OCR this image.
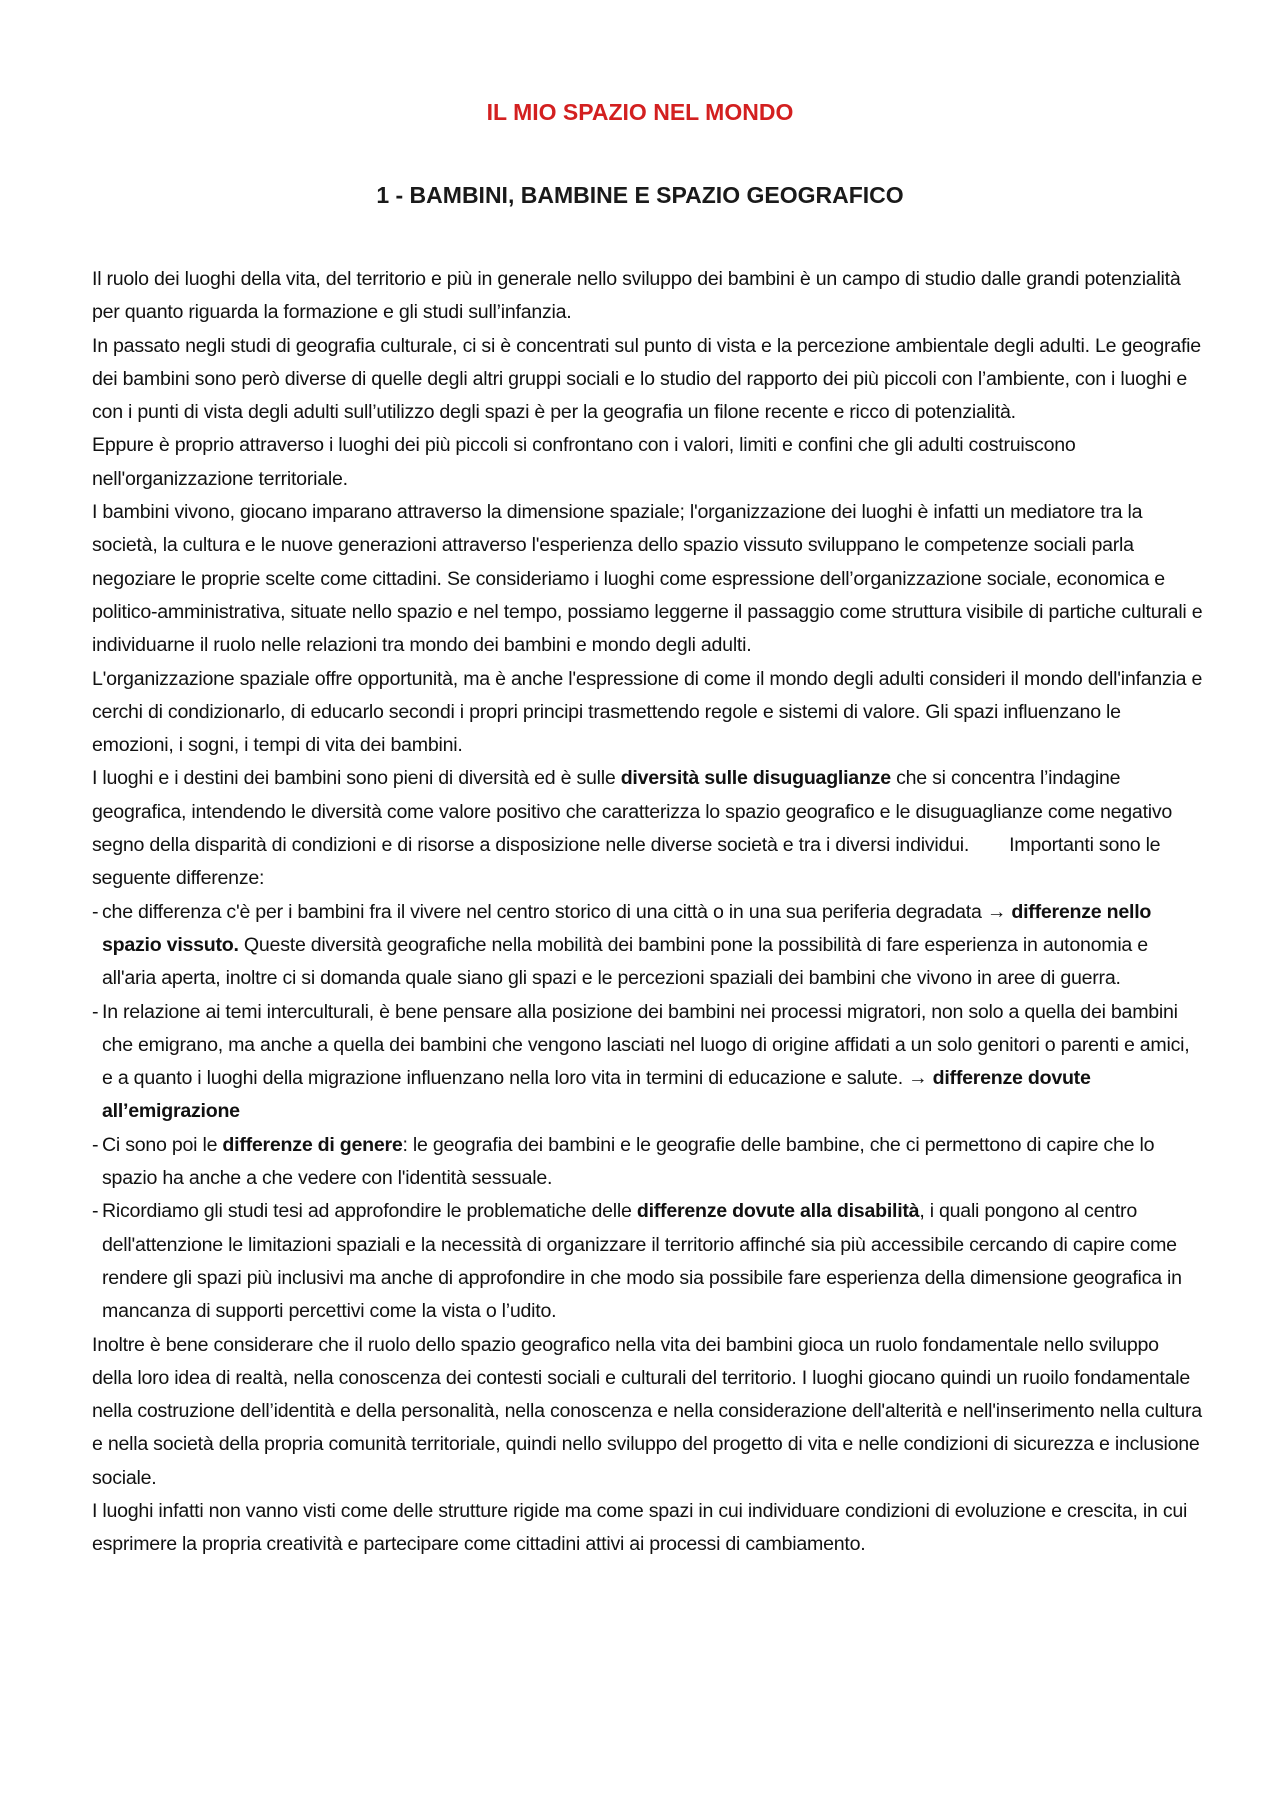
IL MIO SPAZIO NEL MONDO
1 - BAMBINI, BAMBINE E SPAZIO GEOGRAFICO

Il ruolo dei luoghi della vita, del territorio e più in generale nello sviluppo dei bambini è un campo di studio dalle grandi potenzialità per quanto riguarda la formazione e gli studi sull’infanzia.

In passato negli studi di geografia culturale, ci si è concentrati sul punto di vista e la percezione ambientale degli adulti. Le geografie dei bambini sono però diverse di quelle degli altri gruppi sociali e lo studio del rapporto dei più piccoli con l’ambiente, con i luoghi e con i punti di vista degli adulti sull’utilizzo degli spazi è per la geografia un filone recente e ricco di potenzialità.

Eppure è proprio attraverso i luoghi dei più piccoli si confrontano con i valori, limiti e confini che gli adulti costruiscono nell'organizzazione territoriale.

I bambini vivono, giocano imparano attraverso la dimensione spaziale; l'organizzazione dei luoghi è infatti un mediatore tra la società, la cultura e le nuove generazioni attraverso l'esperienza dello spazio vissuto sviluppano le competenze sociali parla negoziare le proprie scelte come cittadini. Se consideriamo i luoghi come espressione dell’organizzazione sociale, economica e politico-amministrativa, situate nello spazio e nel tempo, possiamo leggerne il passaggio come struttura visibile di partiche culturali e individuarne il ruolo nelle relazioni tra mondo dei bambini e mondo degli adulti.

L'organizzazione spaziale offre opportunità, ma è anche l'espressione di come il mondo degli adulti consideri il mondo dell'infanzia e cerchi di condizionarlo, di educarlo secondi i propri principi trasmettendo regole e sistemi di valore. Gli spazi influenzano le emozioni, i sogni, i tempi di vita dei bambini.

I luoghi e i destini dei bambini sono pieni di diversità ed è sulle diversità sulle disuguaglianze che si concentra l’indagine geografica, intendendo le diversità come valore positivo che caratterizza lo spazio geografico e le disuguaglianze come negativo segno della disparità di condizioni e di risorse a disposizione nelle diverse società e tra i diversi individui. Importanti sono le seguente differenze:

- che differenza c'è per i bambini fra il vivere nel centro storico di una città o in una sua periferia degradata → differenze nello spazio vissuto. Queste diversità geografiche nella mobilità dei bambini pone la possibilità di fare esperienza in autonomia e all'aria aperta, inoltre ci si domanda quale siano gli spazi e le percezioni spaziali dei bambini che vivono in aree di guerra.
- In relazione ai temi interculturali, è bene pensare alla posizione dei bambini nei processi migratori, non solo a quella dei bambini che emigrano, ma anche a quella dei bambini che vengono lasciati nel luogo di origine affidati a un solo genitori o parenti e amici, e a quanto i luoghi della migrazione influenzano nella loro vita in termini di educazione e salute. → differenze dovute all’emigrazione
- Ci sono poi le differenze di genere: le geografia dei bambini e le geografie delle bambine, che ci permettono di capire che lo spazio ha anche a che vedere con l'identità sessuale.
- Ricordiamo gli studi tesi ad approfondire le problematiche delle differenze dovute alla disabilità, i quali pongono al centro dell'attenzione le limitazioni spaziali e la necessità di organizzare il territorio affinché sia più accessibile cercando di capire come rendere gli spazi più inclusivi ma anche di approfondire in che modo sia possibile fare esperienza della dimensione geografica in mancanza di supporti percettivi come la vista o l’udito.

Inoltre è bene considerare che il ruolo dello spazio geografico nella vita dei bambini gioca un ruolo fondamentale nello sviluppo della loro idea di realtà, nella conoscenza dei contesti sociali e culturali del territorio. I luoghi giocano quindi un ruoilo fondamentale nella costruzione dell’identità e della personalità, nella conoscenza e nella considerazione dell'alterità e nell'inserimento nella cultura e nella società della propria comunità territoriale, quindi nello sviluppo del progetto di vita e nelle condizioni di sicurezza e inclusione sociale.

I luoghi infatti non vanno visti come delle strutture rigide ma come spazi in cui individuare condizioni di evoluzione e crescita, in cui esprimere la propria creatività e partecipare come cittadini attivi ai processi di cambiamento.
